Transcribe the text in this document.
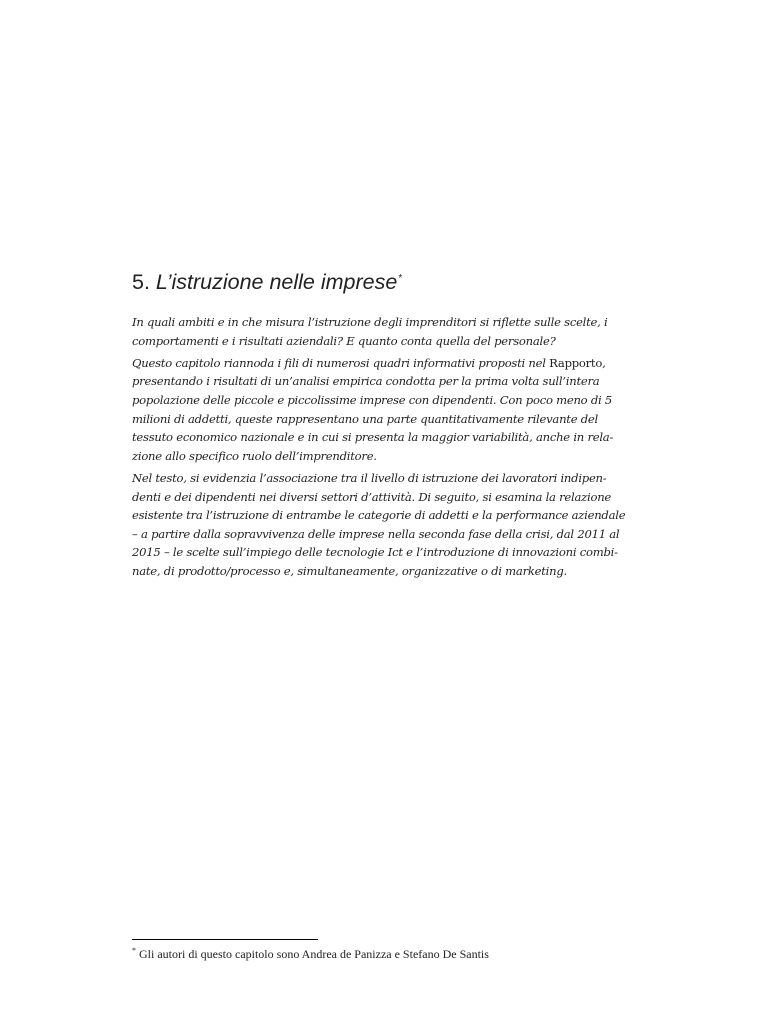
5. L’istruzione nelle imprese*

In quali ambiti e in che misura l’istruzione degli imprenditori si riflette sulle scelte, i
comportamenti e i risultati aziendali? E quanto conta quella del personale?

Questo capitolo riannoda i fili di numerosi quadri informativi proposti nel Rapporto,
presentando i risultati di un’analisi empirica condotta per la prima volta sull’intera
popolazione delle piccole e piccolissime imprese con dipendenti. Con poco meno di 5
milioni di addetti, queste rappresentano una parte quantitativamente rilevante del
tessuto economico nazionale e in cui si presenta la maggior variabilità, anche in rela-
zione allo specifico ruolo dell’imprenditore.

Nel testo, si evidenzia l’associazione tra il livello di istruzione dei lavoratori indipen-
denti e dei dipendenti nei diversi settori d’attività. Di seguito, si esamina la relazione
esistente tra l’istruzione di entrambe le categorie di addetti e la performance aziendale
– a partire dalla sopravvivenza delle imprese nella seconda fase della crisi, dal 2011 al
2015 – le scelte sull’impiego delle tecnologie Ict e l’introduzione di innovazioni combi-
nate, di prodotto/processo e, simultaneamente, organizzative o di marketing.

* Gli autori di questo capitolo sono Andrea de Panizza e Stefano De Santis
